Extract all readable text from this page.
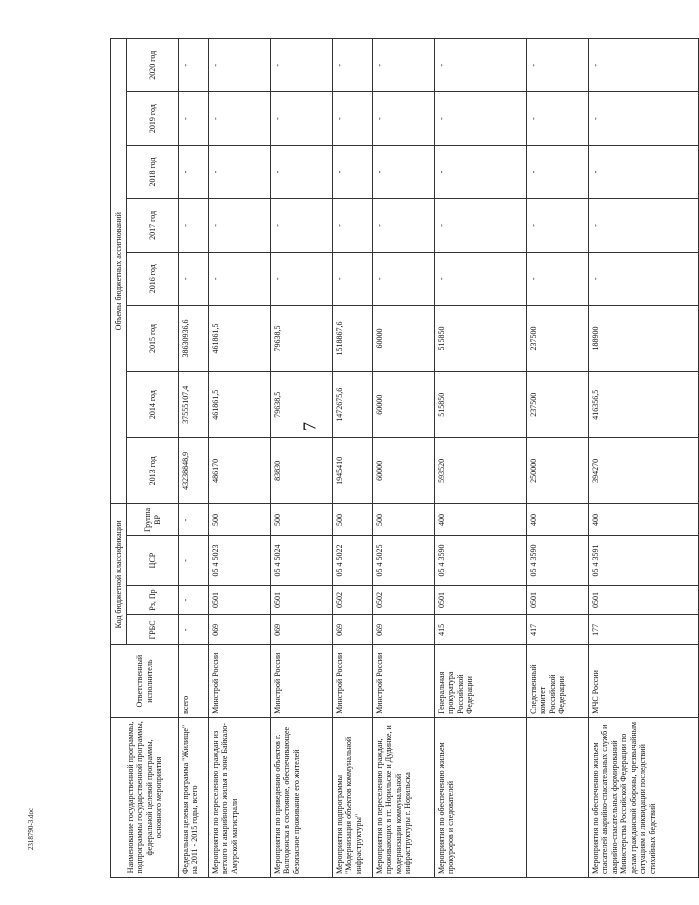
7
2318790-3.doc	Наименование государственной программы, подпрограммы государственной программы, федеральной целевой программы, основного мероприятия	Ответственный исполнитель	Код бюджетной классификации				Объемы бюджетных ассигнований							
		ГРБС	Рз, Пр	ЦСР	Группа ВР	2013 год	2014 год	2015 год	2016 год	2017 год	2018 год	2019 год	2020 год
Федеральная целевая программа "Жилище" на 2011 - 2015 годы, всего	всего	-	-	-	-	43238848,9	37555107,4	38630936,6	-	-	-	-	-
Мероприятия по переселению граждан из ветхого и аварийного жилья в зоне Байкало-Амурской магистрали	Минстрой России	069	0501	05 4 5023	500	486170	461861,5	461861,5	-	-	-	-	-
Мероприятия по приведению объектов г. Волгодонска в состояние, обеспечивающее безопасное проживание его жителей	Минстрой России	069	0501	05 4 5024	500	83830	79638,5	79638,5	-	-	-	-	-
Мероприятия подпрограммы "Модернизация объектов коммунальной инфраструктуры"	Минстрой России	069	0502	05 4 5022	500	1945410	1472675,6	1518867,6	-	-	-	-	-
Мероприятия по переселению граждан, проживающих в гг. Норильске и Дудинке, и модернизации коммунальной инфраструктуры г. Норильска	Минстрой России	069	0502	05 4 5025	500	60000	60000	60000	-	-	-	-	-
Мероприятия по обеспечению жильем прокуроров и следователей	Генеральная прокуратура Российской Федерации	415	0501	05 4 3590	400	593520	515850	515850	-	-	-	-	-
	Следственный комитет Российской Федерации	417	0501	05 4 3590	400	250000	237500	237500	-	-	-	-	-
Мероприятия по обеспечению жильем спасателей аварийно-спасательных служб и аварийно-спасательных формирований Министерства Российской Федерации по делам гражданской обороны, чрезвычайным ситуациям и ликвидации последствий стихийных бедствий	МЧС России	177	0501	05 4 3591	400	394270	416356,5	188900	-	-	-	-	-
